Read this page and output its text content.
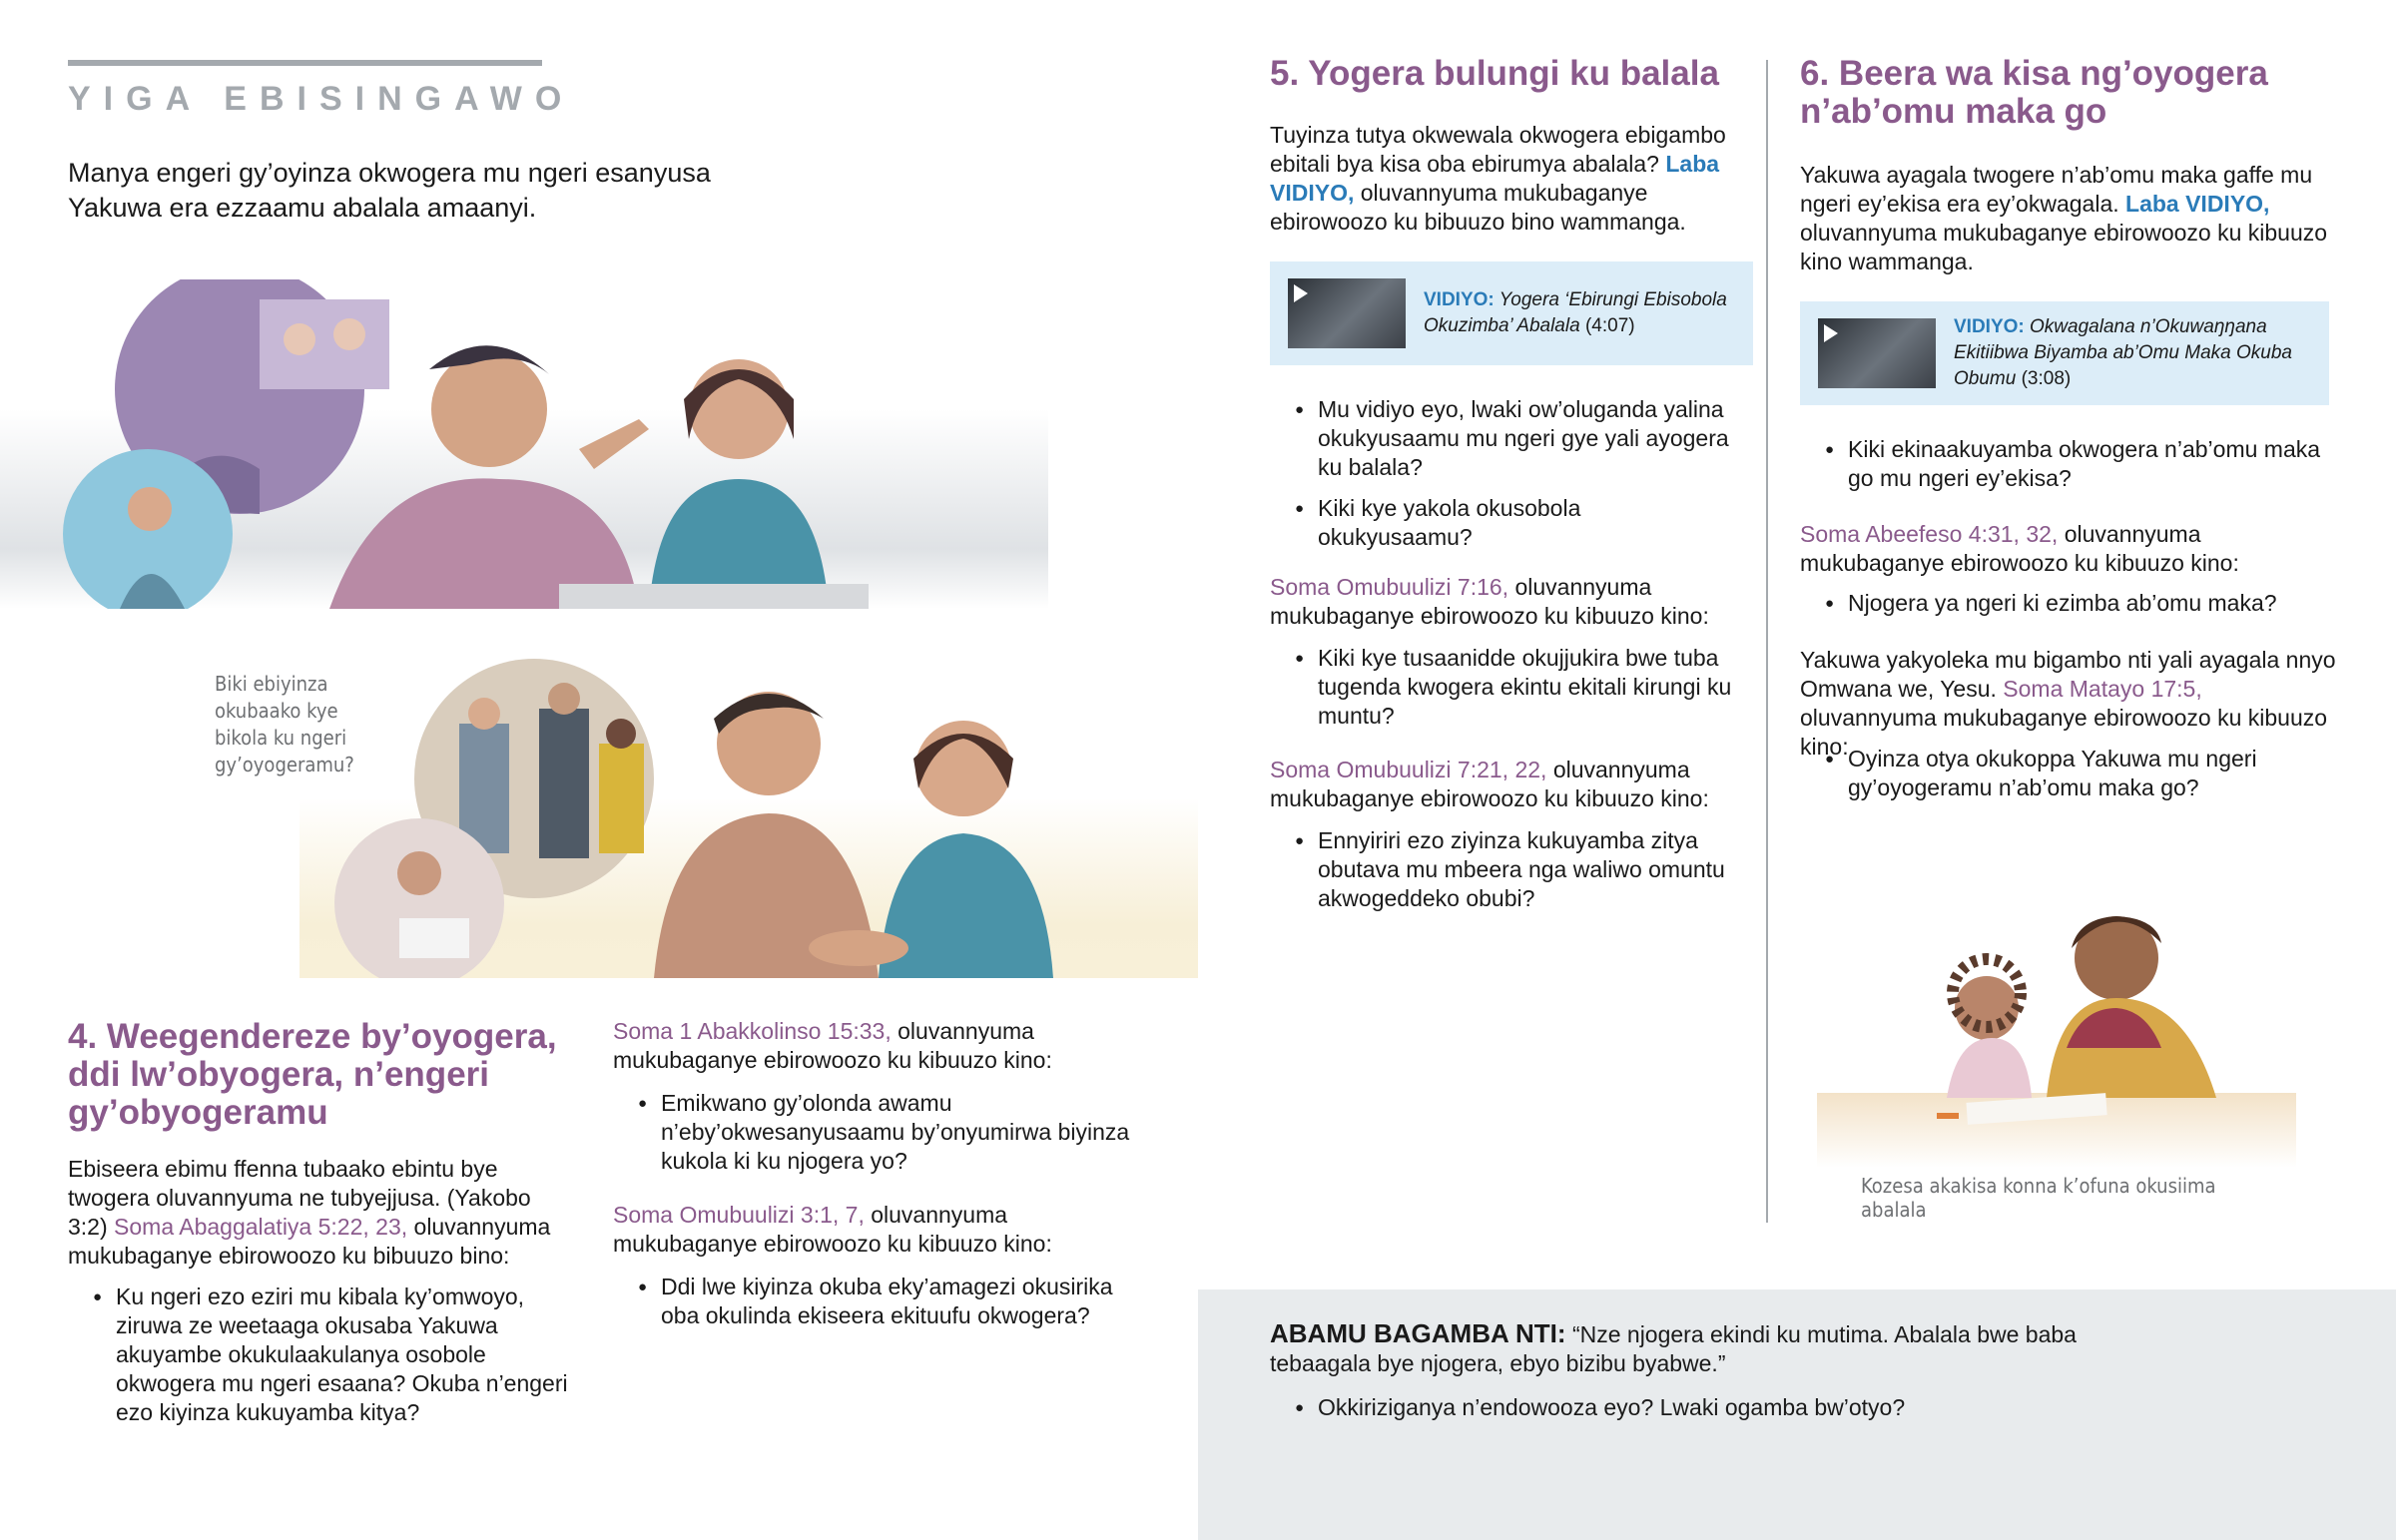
YIGA EBISINGAWO
Manya engeri gy’oyinza okwogera mu ngeri esanyusa Yakuwa era ezzaamu abalala amaanyi.
Biki ebiyinza okubaako kye bikola ku ngeri gy’oyogeramu?
4. Weegendereze by’oyogera, ddi lw’obyogera, n’engeri gy’obyogeramu
Ebiseera ebimu ffenna tubaako ebintu bye twogera oluvannyuma ne tubyejjusa. (Yakobo 3:2) Soma Abaggalatiya 5:22, 23, oluvannyuma mukubaganye ebirowoozo ku bibuuzo bino:
● Ku ngeri ezo eziri mu kibala ky’omwoyo, ziruwa ze weetaaga okusaba Yakuwa akuyambe okukulaakulanya osobole okwogera mu ngeri esaana? Okuba n’engeri ezo kiyinza kukuyamba kitya?
Soma 1 Abakkolinso 15:33, oluvannyuma mukubaganye ebirowoozo ku kibuuzo kino:
● Emikwano gy’olonda awamu n’eby’okwesanyusaamu by’onyumirwa biyinza kukola ki ku njogera yo?
Soma Omubuulizi 3:1, 7, oluvannyuma mukubaganye ebirowoozo ku kibuuzo kino:
● Ddi lwe kiyinza okuba eky’amagezi okusirika oba okulinda ekiseera ekituufu okwogera?
5. Yogera bulungi ku balala
Tuyinza tutya okwewala okwogera ebigambo ebitali bya kisa oba ebirumya abalala? Laba VIDIYO, oluvannyuma mukubaganye ebirowoozo ku bibuuzo bino wammanga.
VIDIYO: Yogera ‘Ebirungi Ebisobola Okuzimba’ Abalala (4:07)
● Mu vidiyo eyo, lwaki ow’oluganda yalina okukyusaamu mu ngeri gye yali ayogera ku balala?
● Kiki kye yakola okusobola okukyusaamu?
Soma Omubuulizi 7:16, oluvannyuma mukubaganye ebirowoozo ku kibuuzo kino:
● Kiki kye tusaanidde okujjukira bwe tuba tugenda kwogera ekintu ekitali kirungi ku muntu?
Soma Omubuulizi 7:21, 22, oluvannyuma mukubaganye ebirowoozo ku kibuuzo kino:
● Ennyiriri ezo ziyinza kukuyamba zitya obutava mu mbeera nga waliwo omuntu akwogeddeko obubi?
6. Beera wa kisa ng’oyogera n’ab’omu maka go
Yakuwa ayagala twogere n’ab’omu maka gaffe mu ngeri ey’ekisa era ey’okwagala. Laba VIDIYO, oluvannyuma mukubaganye ebirowoozo ku kibuuzo kino wammanga.
VIDIYO: Okwagalana n’Okuwaŋŋana Ekitiibwa Biyamba ab’Omu Maka Okuba Obumu (3:08)
● Kiki ekinaakuyamba okwogera n’ab’omu maka go mu ngeri ey’ekisa?
Soma Abeefeso 4:31, 32, oluvannyuma mukubaganye ebirowoozo ku kibuuzo kino:
● Njogera ya ngeri ki ezimba ab’omu maka?
Yakuwa yakyoleka mu bigambo nti yali ayagala nnyo Omwana we, Yesu. Soma Matayo 17:5, oluvannyuma mukubaganye ebirowoozo ku kibuuzo kino:
● Oyinza otya okukoppa Yakuwa mu ngeri gy’oyogeramu n’ab’omu maka go?
Kozesa akakisa konna k’ofuna okusiima abalala
ABAMU BAGAMBA NTI: “Nze njogera ekindi ku mutima. Abalala bwe baba tebaagala bye njogera, ebyo bizibu byabwe.”
● Okkiriziganya n’endowooza eyo? Lwaki ogamba bw’otyo?
